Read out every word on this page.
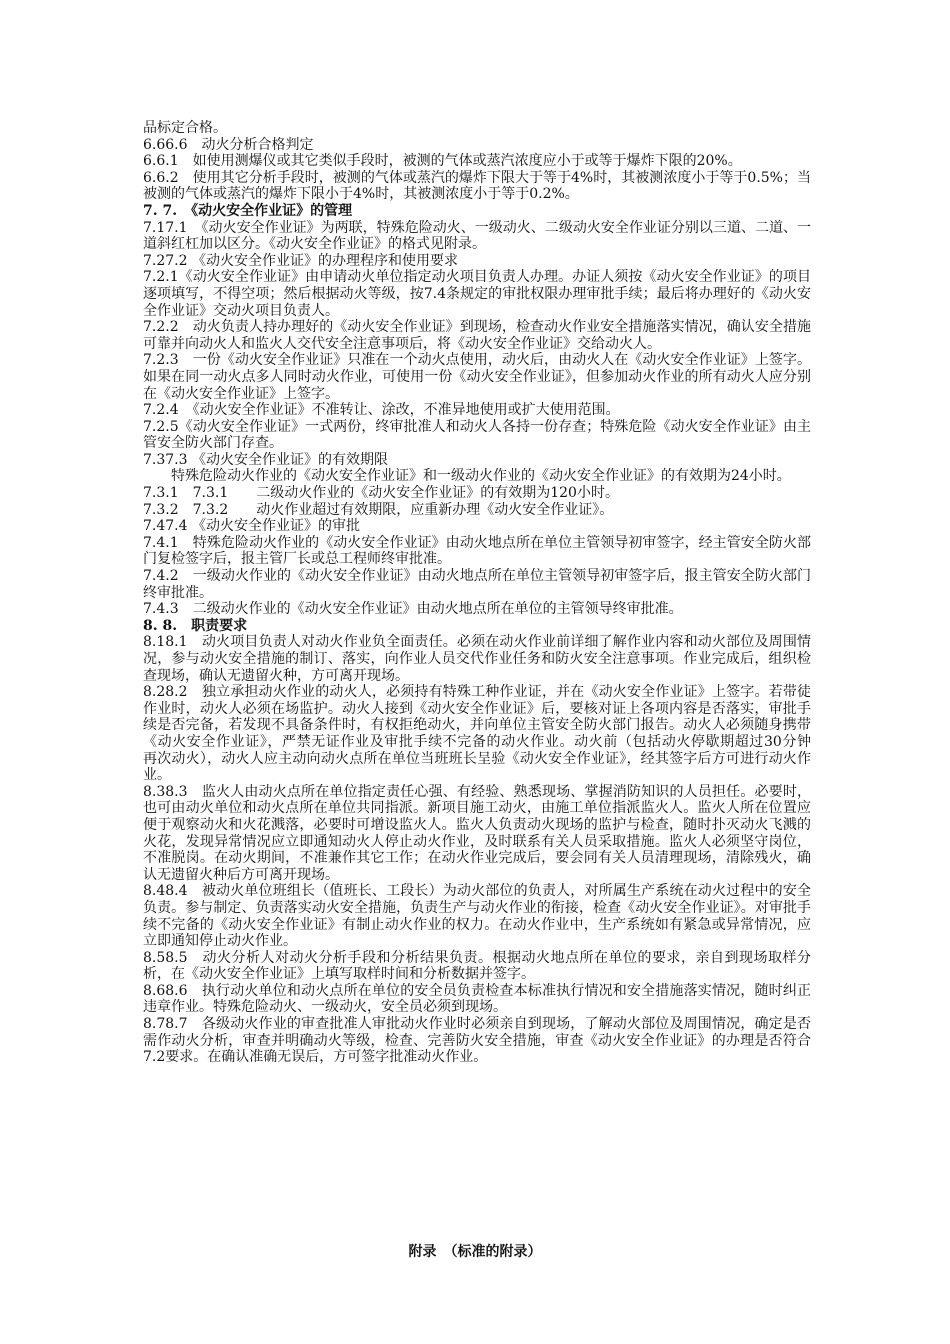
品标定合格。

6.66.6　动火分析合格判定

6.6.1　如使用测爆仪或其它类似手段时，被测的气体或蒸汽浓度应小于或等于爆炸下限的20%。

6.6.2　使用其它分析手段时，被测的气体或蒸汽的爆炸下限大于等于4%时，其被测浓度小于等于0.5%；当被测的气体或蒸汽的爆炸下限小于4%时，其被测浓度小于等于0.2%。

7. 7.　《动火安全作业证》的管理

7.17.1　《动火安全作业证》为两联，特殊危险动火、一级动火、二级动火安全作业证分别以三道、二道、一道斜红杠加以区分。《动火安全作业证》的格式见附录。

7.27.2 《动火安全作业证》的办理程序和使用要求

7.2.1《动火安全作业证》由申请动火单位指定动火项目负责人办理。办证人须按《动火安全作业证》的项目逐项填写，不得空项；然后根据动火等级，按7.4条规定的审批权限办理审批手续；最后将办理好的《动火安全作业证》交动火项目负责人。

7.2.2　动火负责人持办理好的《动火安全作业证》到现场，检查动火作业安全措施落实情况，确认安全措施可靠并向动火人和监火人交代安全注意事项后，将《动火安全作业证》交给动火人。

7.2.3　一份《动火安全作业证》只准在一个动火点使用，动火后，由动火人在《动火安全作业证》上签字。如果在同一动火点多人同时动火作业，可使用一份《动火安全作业证》，但参加动火作业的所有动火人应分别在《动火安全作业证》上签字。

7.2.4　《动火安全作业证》不准转让、涂改，不准异地使用或扩大使用范围。

7.2.5《动火安全作业证》一式两份，终审批准人和动火人各持一份存查；特殊危险《动火安全作业证》由主管安全防火部门存查。

7.37.3 《动火安全作业证》的有效期限

特殊危险动火作业的《动火安全作业证》和一级动火作业的《动火安全作业证》的有效期为24小时。

7.3.1　7.3.1　　二级动火作业的《动火安全作业证》的有效期为120小时。

7.3.2　7.3.2　　动火作业超过有效期限，应重新办理《动火安全作业证》。

7.47.4 《动火安全作业证》的审批

7.4.1　特殊危险动火作业的《动火安全作业证》由动火地点所在单位主管领导初审签字，经主管安全防火部门复检签字后，报主管厂长或总工程师终审批准。

7.4.2　一级动火作业的《动火安全作业证》由动火地点所在单位主管领导初审签字后，报主管安全防火部门终审批准。

7.4.3　二级动火作业的《动火安全作业证》由动火地点所在单位的主管领导终审批准。

8. 8.　职责要求

8.18.1　动火项目负责人对动火作业负全面责任。必须在动火作业前详细了解作业内容和动火部位及周围情况，参与动火安全措施的制订、落实，向作业人员交代作业任务和防火安全注意事项。作业完成后，组织检查现场，确认无遗留火种，方可离开现场。

8.28.2　独立承担动火作业的动火人，必须持有特殊工种作业证，并在《动火安全作业证》上签字。若带徒作业时，动火人必须在场监护。动火人接到《动火安全作业证》后，要核对证上各项内容是否落实，审批手续是否完备，若发现不具备条件时，有权拒绝动火，并向单位主管安全防火部门报告。动火人必须随身携带《动火安全作业证》，严禁无证作业及审批手续不完备的动火作业。动火前（包括动火停歇期超过30分钟　再次动火），动火人应主动向动火点所在单位当班班长呈验《动火安全作业证》，经其签字后方可进行动火作业。

8.38.3　监火人由动火点所在单位指定责任心强、有经验、熟悉现场、掌握消防知识的人员担任。必要时，也可由动火单位和动火点所在单位共同指派。新项目施工动火，由施工单位指派监火人。监火人所在位置应便于观察动火和火花溅落，必要时可增设监火人。监火人负责动火现场的监护与检查，随时扑灭动火飞溅的火花，发现异常情况应立即通知动火人停止动火作业，及时联系有关人员采取措施。监火人必须坚守岗位，不准脱岗。在动火期间，不准兼作其它工作；在动火作业完成后，要会同有关人员清理现场，清除残火，确认无遗留火种后方可离开现场。

8.48.4　被动火单位班组长（值班长、工段长）为动火部位的负责人，对所属生产系统在动火过程中的安全负责。参与制定、负责落实动火安全措施，负责生产与动火作业的衔接，检查《动火安全作业证》。对审批手续不完备的《动火安全作业证》有制止动火作业的权力。在动火作业中，生产系统如有紧急或异常情况，应立即通知停止动火作业。

8.58.5　动火分析人对动火分析手段和分析结果负责。根据动火地点所在单位的要求，亲自到现场取样分析，在《动火安全作业证》上填写取样时间和分析数据并签字。

8.68.6　执行动火单位和动火点所在单位的安全员负责检查本标准执行情况和安全措施落实情况，随时纠正违章作业。特殊危险动火、一级动火，安全员必须到现场。

8.78.7　各级动火作业的审查批准人审批动火作业时必须亲自到现场，了解动火部位及周围情况，确定是否需作动火分析，审查并明确动火等级，检查、完善防火安全措施，审查《动火安全作业证》的办理是否符合7.2要求。在确认准确无误后，方可签字批准动火作业。

附录　（标准的附录）
